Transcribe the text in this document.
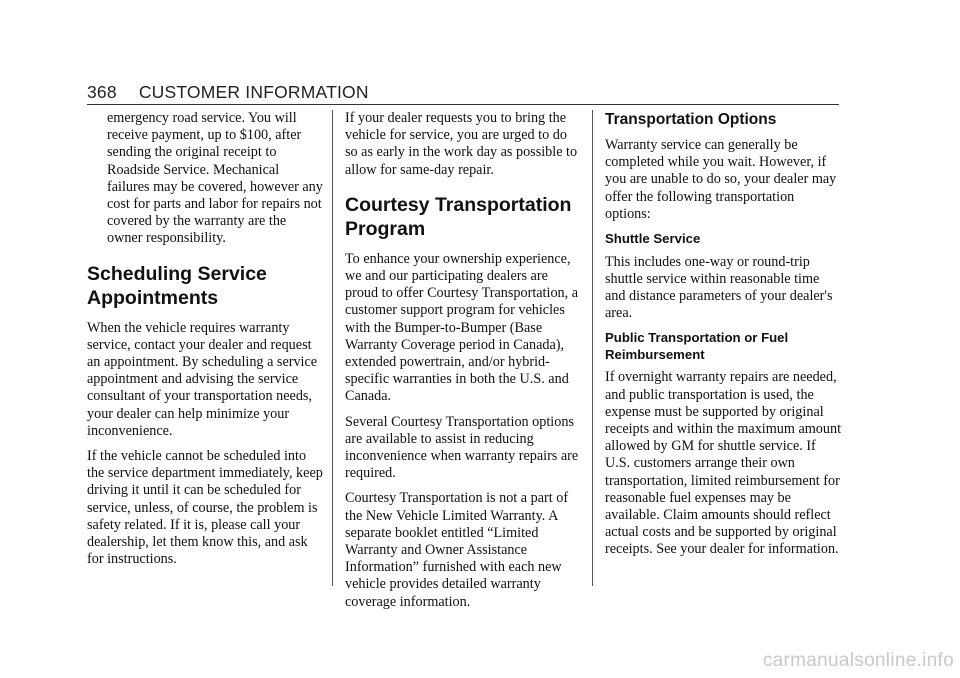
368 CUSTOMER INFORMATION

emergency road service. You will receive payment, up to $100, after sending the original receipt to Roadside Service. Mechanical failures may be covered, however any cost for parts and labor for repairs not covered by the warranty are the owner responsibility.

Scheduling Service Appointments

When the vehicle requires warranty service, contact your dealer and request an appointment. By scheduling a service appointment and advising the service consultant of your transportation needs, your dealer can help minimize your inconvenience.

If the vehicle cannot be scheduled into the service department immediately, keep driving it until it can be scheduled for service, unless, of course, the problem is safety related. If it is, please call your dealership, let them know this, and ask for instructions.

If your dealer requests you to bring the vehicle for service, you are urged to do so as early in the work day as possible to allow for same-day repair.

Courtesy Transportation Program

To enhance your ownership experience, we and our participating dealers are proud to offer Courtesy Transportation, a customer support program for vehicles with the Bumper-to-Bumper (Base Warranty Coverage period in Canada), extended powertrain, and/or hybrid-specific warranties in both the U.S. and Canada.

Several Courtesy Transportation options are available to assist in reducing inconvenience when warranty repairs are required.

Courtesy Transportation is not a part of the New Vehicle Limited Warranty. A separate booklet entitled “Limited Warranty and Owner Assistance Information” furnished with each new vehicle provides detailed warranty coverage information.

Transportation Options

Warranty service can generally be completed while you wait. However, if you are unable to do so, your dealer may offer the following transportation options:

Shuttle Service

This includes one-way or round-trip shuttle service within reasonable time and distance parameters of your dealer's area.

Public Transportation or Fuel Reimbursement

If overnight warranty repairs are needed, and public transportation is used, the expense must be supported by original receipts and within the maximum amount allowed by GM for shuttle service. If U.S. customers arrange their own transportation, limited reimbursement for reasonable fuel expenses may be available. Claim amounts should reflect actual costs and be supported by original receipts. See your dealer for information.

carmanualsonline.info
